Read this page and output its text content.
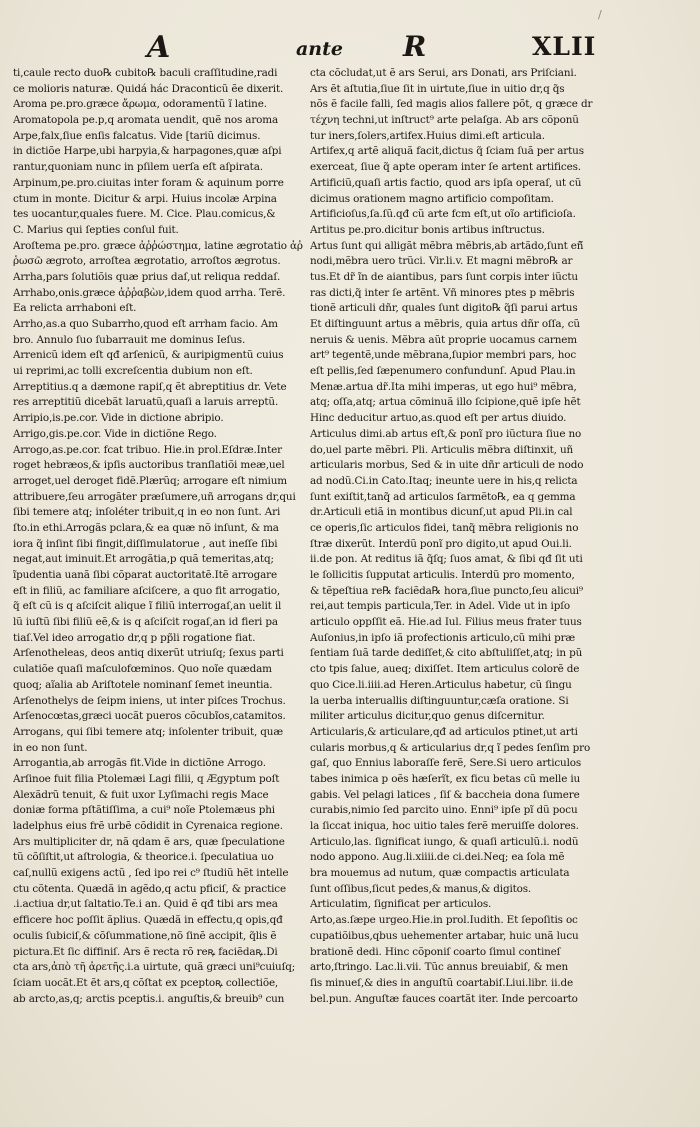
/
A	ante R	XLII
ti,caule recto duo℞ cubito℞ baculi craſſitudine,radi
ce molioris naturæ. Quidá hác Draconticũ ẽe dixerit.
Aroma pe.pro.græce ἄρωμα, odoramentũ ĩ latine.
Aromatopola pe.p,q aromata uendit, quẽ nos aroma
Arpe,falx,ſiue enſis falcatus. Vide [tariũ dicimus.
in dictiõe Harpe,ubi harpyia,& harpagones,quæ aſpi
rantur,quoniam nunc in pſilem uerſa eſt aſpirata.
Arpinum,pe.pro.ciuitas inter foram & aquinum porre
ctum in monte. Dicitur & arpi. Huius incolæ Arpina
tes uocantur,quales fuere. M. Cice. Plau.comicus,&
C. Marius qui ſepties conſul fuit.
Aroſtema pe.pro. græce ἀῤῥώστημα, latine ægrotatio ἀῤ
ῥωσῶ ægroto, arroſtea ægrotatio, arroſtos ægrotus.
Arrha,pars ſolutiõis quæ prius daſ,ut reliqua reddaſ.
Arrhabo,onis.græce ἀῤῥαβὼν,idem quod arrha. Terẽ.
Ea relicta arrhaboni eſt.
Arrho,as.a quo Subarrho,quod eſt arrham facio. Am
bro. Annulo ſuo ſubarrauit me dominus Ieſus.
Arrenicũ idem eſt qđ arſenicũ, & auripigmentũ cuius
ui reprimi,ac tolli excreſcentia dubium non eſt.
Arreptitius.q a dæmone rapiſ,q ẽt abreptitius dr. Vete
res arreptitiũ dicebãt laruatũ,quaſi a laruis arreptũ.
Arripio,is.pe.cor. Vide in dictione abripio.
Arrigo,gis.pe.cor. Vide in dictiõne Rego.
Arrogo,as.pe.cor. fcat tribuo. Hie.in prol.Eſdræ.Inter
roget hebræos,& ipſis auctoribus tranſlatiõi meæ,uel
arroget,uel deroget fidẽ.Plærũq; arrogare eſt nimium
attribuere,ſeu arrogãter præſumere,uñ arrogans dr,qui
ſibi temere atq; inſoléter tribuit,q in eo non ſunt. Ari
ſto.in ethi.Arrogãs pclara,& ea quæ nõ inſunt, & ma
iora q̃ inſint ſibi fingit,diſſimulatorue , aut ineſſe ſibi
negat,aut iminuit.Et arrogãtia,p quã temeritas,atq;
ĩpudentia uanã ſibi cõparat auctoritatẽ.Itẽ arrogare
eſt in filiũ, ac familiare aſciſcere, a quo fit arrogatio,
q̃ eſt cũ is q aſciſcit alique ĩ filiũ interrogaſ,an uelit il
lũ iuſtũ ſibi filiũ eẽ,& is q aſciſcit rogaſ,an id fieri pa
tiaſ.Vel ideo arrogatio dr,q p pp̃li rogatione fiat.
Arſenotheleas, deos antiq dixerũt utriuſq; ſexus parti
culatiõe quaſi maſculofœminos. Quo noĩe quædam
quoq; aĩalia ab Ariſtotele nominanſ ſemet ineuntia.
Arſenothelys de ſeipm iniens, ut inter piſces Trochus.
Arſenocœtas,græci uocãt pueros cõcubĩos,catamitos.
Arrogans, qui ſibi temere atq; inſolenter tribuit, quæ
in eo non ſunt.
Arrogantia,ab arrogãs fit.Vide in dictiõne Arrogo.
Arſinoe fuit filia Ptolemæi Lagi filii, q Ægyptum poſt
Alexãdrũ tenuit, & fuit uxor Lyſimachi regis Mace
doniæ forma pſtãtiſſima, a cui⁹ noĩe Ptolemæus phi
ladelphus eius frẽ urbẽ cõdidit in Cyrenaica regione.
Ars multipliciter dr, nã qdam ẽ ars, quæ ſpeculatione
tũ cõſiſtit,ut aſtrologia, & theorice.i. ſpeculatiua uo
caſ,nullũ exigens actũ , ſed ipo rei c⁹ ſtudiũ hẽt intelle
ctu cõtenta. Quædã in agẽdo,q actu pficiſ, & practice
.i.actiua dr,ut ſaltatio.Te.i an. Quid ẽ qđ tibi ars mea
efficere hoc poſſit ãplius. Quædã in effectu,q opis,qđ
oculis ſubiciſ,& cõſummatione,nõ ſinẽ accipit, q̃lis ẽ
pictura.Et ſic diffiniſ. Ars ẽ recta rõ reꝶ faciẽdaꝶ.Di
cta ars,ἀπὸ τῆ ἀρετῆς.i.a uirtute, quã græci uni⁹cuiuſq;
ſciam uocãt.Et ẽt ars,q cõſtat ex pceptoꝶ collectiõe,
ab arcto,as,q; arctis pceptis.i. anguſtis,& breuib⁹ cun
cta cõcludat,ut ẽ ars Serui, ars Donati, ars Priſciani.
Ars ẽt aſtutia,ſiue ſit in uirtute,ſiue in uitio dr,q q̃s
nõs ẽ facile falli, ſed magis alios fallere põt, q græce dr
τέχνη techni,ut inſtruct⁹ arte pelaſga. Ab ars cõponũ
tur iners,ſolers,artifex.Huius dimi.eſt articula.
Artifex,q artẽ aliquã facit,dictus q̃ ſciam ſuã per artus
exerceat, ſiue q̃ apte operam inter ſe artent artifices.
Artificiũ,quaſi artis factio, quod ars ipſa operaſ, ut cũ
dicimus orationem magno artificio compoſitam.
Artificioſus,ſa.ſũ.qđ cũ arte fcm eſt,ut oĩo artificioſa.
Artitus pe.pro.dicitur bonis artibus inſtructus.
Artus ſunt qui alligãt mẽbra mẽbris,ab artãdo,ſunt eñ̃
nodi,mẽbra uero trũci. Vir.li.v. Et magni mẽbro℞ ar
tus.Et dr̃ ĩn de aiantibus, pars ſunt corpis inter iũctu
ras dicti,q̃ inter ſe artẽnt. Vñ minores ptes p mẽbris
tionẽ articuli dñr, quales ſunt digito℞ q̃ſi parui artus
Et diſtinguunt artus a mẽbris, quia artus dñr oſſa, cũ
neruis & uenis. Mẽbra aũt proprie uocamus carnem
art⁹ tegentẽ,unde mẽbrana,ſupior membri pars, hoc
eſt pellis,ſed ſæpenumero confundunſ. Apud Plau.in
Menæ.artua dr̃.Ita mihi imperas, ut ego hui⁹ mẽbra,
atq; oſſa,atq; artua cõminuã illo ſcipione,quẽ ipſe hẽt
Hinc deducitur artuo,as.quod eſt per artus diuido.
Articulus dimi.ab artus eſt,& ponĩ pro iũctura ſiue no
do,uel parte mẽbri. Pli. Articulis mẽbra diſtinxit, uñ
articularis morbus, Sed & in uite dñr articuli de nodo
ad nodũ.Ci.in Cato.Itaq; ineunte uere in his,q relicta
ſunt exiſtit,tanq̃ ad articulos ſarmẽto℞, ea q gemma
dr.Articuli etiã in montibus dicunſ,ut apud Pli.in cal
ce operis,ſic articulos fidei, tanq̃ mẽbra religionis no
ſtræ dixerũt. Interdũ ponĩ pro digito,ut apud Oui.li.
ii.de pon. At reditus iã q̃ſq; ſuos amat, & ſibi qđ ſit uti
le ſollicitis ſupputat articulis. Interdũ pro momento,
& tẽpeſtiua re℞ faciẽda℞ hora,ſiue puncto,ſeu alicui⁹
rei,aut tempis particula,Ter. in Adel. Vide ut in ipſo
articulo oppſſit eã. Hie.ad Iul. Filius meus frater tuus
Auſonius,in ipſo iã profectionis articulo,cũ mihi præ
ſentiam ſuã tarde dediſſet,& cito abſtuliſſet,atq; in pũ
cto tpis ſalue, aueq; dixiſſet. Item articulus colorẽ de
quo Cice.li.iiii.ad Heren.Articulus habetur, cũ ſingu
la uerba interuallis diſtinguuntur,cæſa oratione. Si
militer articulus dicitur,quo genus diſcernitur.
Articularis,& articulare,qđ ad articulos ptinet,ut arti
cularis morbus,q & articularius dr,q ĩ pedes ſenſim pro
gaſ, quo Ennius laboraſſe ferẽ, Sere.Si uero articulos
tabes inimica p oẽs hæſerĩt, ex ficu betas cũ melle iu
gabis. Vel pelagi latices , ſiſ & baccheia dona ſumere
curabis,nimio ſed parcito uino. Enni⁹ ipſe pĩ dũ pocu
la ſiccat iniqua, hoc uitio tales ferẽ meruiſſe dolores.
Articulo,las. ſignificat iungo, & quaſi articulũ.i. nodũ
nodo appono. Aug.li.xiiii.de ci.dei.Neq; ea ſola mẽ
bra mouemus ad nutum, quæ compactis articulata
ſunt oſſibus,ſicut pedes,& manus,& digitos.
Articulatim, ſignificat per articulos.
Arto,as.ſæpe urgeo.Hie.in prol.Iudith. Et ſepoſitis oc
cupatiõibus,qbus uehementer artabar, huic unã lucu
brationẽ dedi. Hinc cõponiſ coarto ſimul contineſ
arto,ſtringo. Lac.li.vii. Tũc annus breuiabiſ, & men
ſis minueſ,& dies in anguſtũ coartabiſ.Liui.libr. ii.de
bel.pun. Anguſtæ fauces coartãt iter. Inde percoarto
